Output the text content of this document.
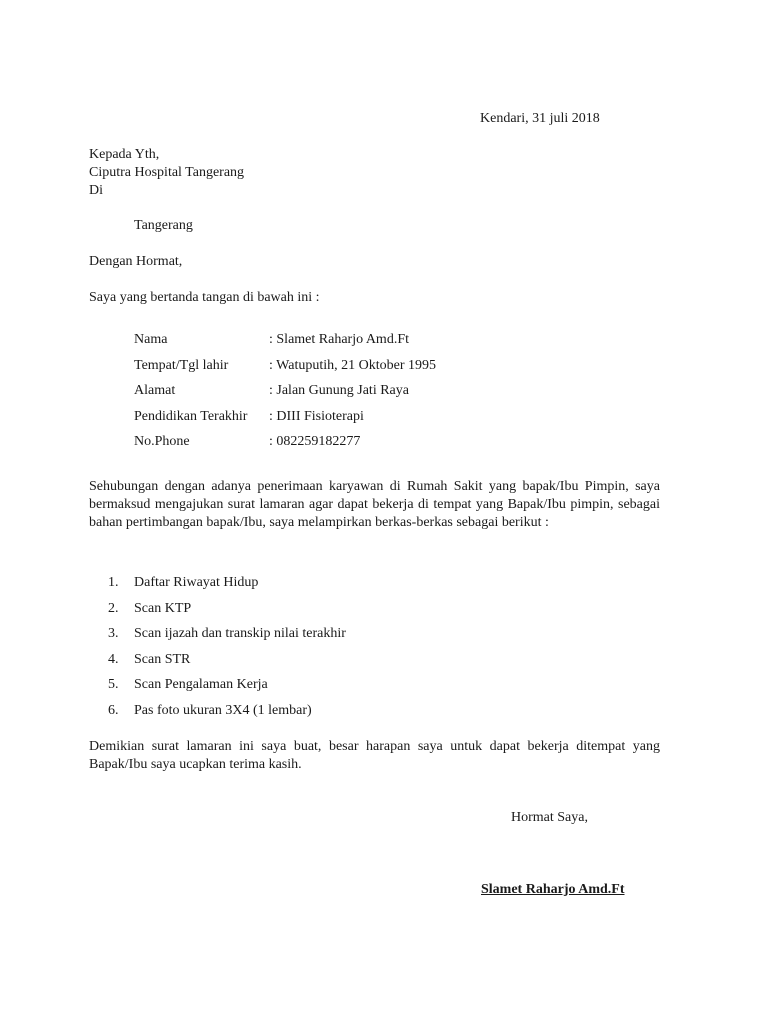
Kendari, 31 juli 2018
Kepada Yth,
Ciputra Hospital Tangerang
Di
Tangerang
Dengan Hormat,
Saya yang bertanda tangan di bawah ini :
Nama	: Slamet Raharjo Amd.Ft
Tempat/Tgl lahir	: Watuputih, 21 Oktober 1995
Alamat	: Jalan Gunung Jati Raya
Pendidikan Terakhir : DIII Fisioterapi
No.Phone	: 082259182277
Sehubungan dengan adanya penerimaan karyawan di Rumah Sakit yang bapak/Ibu Pimpin, saya bermaksud mengajukan surat lamaran agar dapat bekerja di tempat yang Bapak/Ibu pimpin, sebagai bahan pertimbangan bapak/Ibu, saya melampirkan berkas-berkas sebagai berikut :
1. Daftar Riwayat Hidup
2. Scan KTP
3. Scan ijazah dan transkip nilai terakhir
4. Scan STR
5. Scan Pengalaman Kerja
6. Pas foto ukuran 3X4 (1 lembar)
Demikian surat lamaran ini saya buat, besar harapan saya untuk dapat bekerja ditempat yang Bapak/Ibu saya ucapkan terima kasih.
Hormat Saya,
Slamet Raharjo Amd.Ft
